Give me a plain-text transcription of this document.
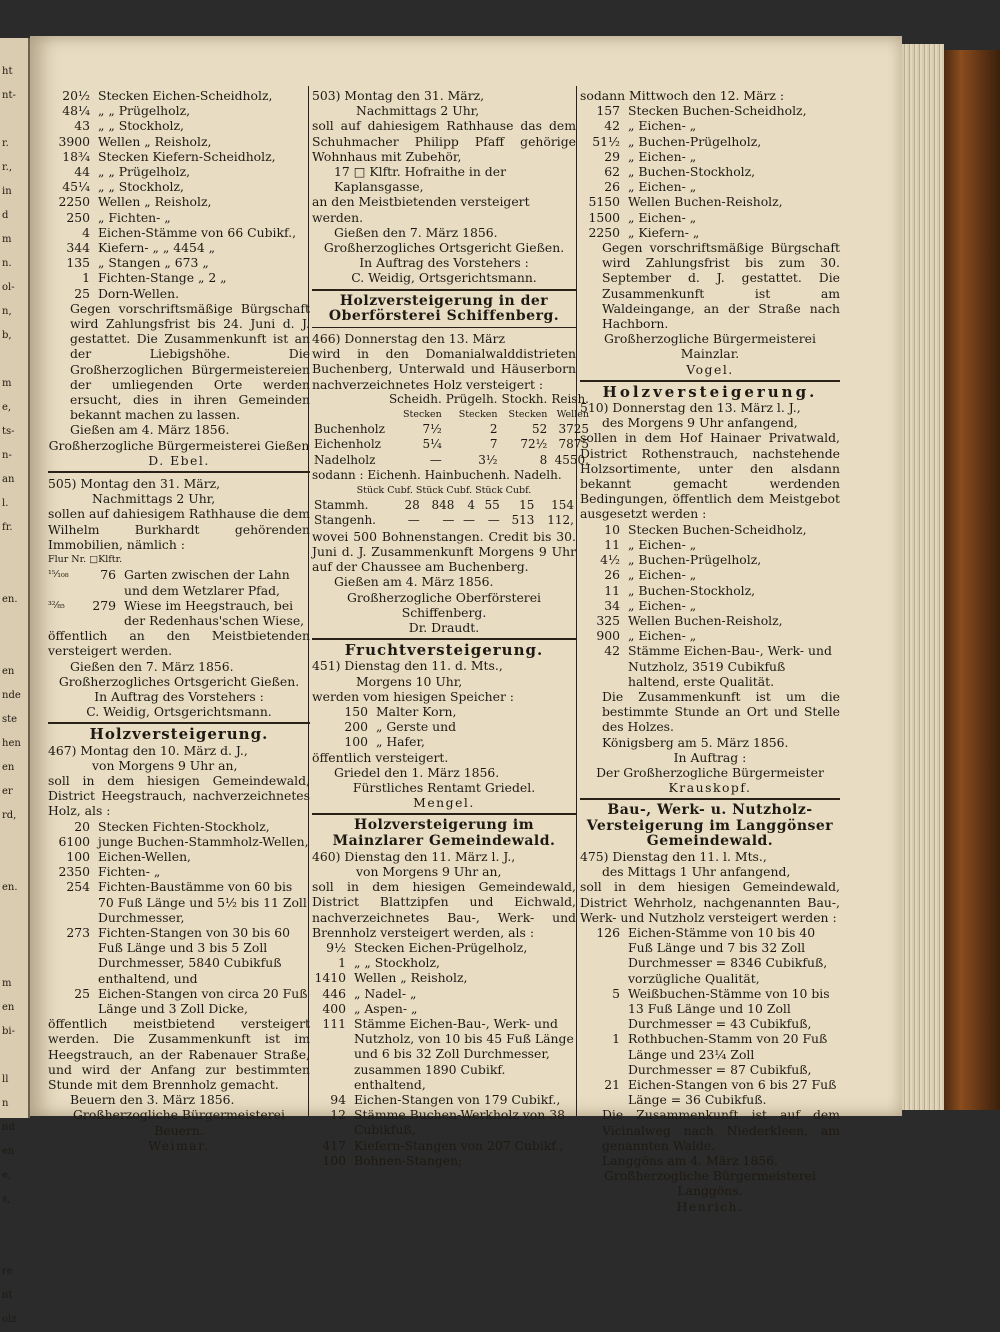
ht
nt-

r.
r.,
in
d
m
n.
ol-
n,
b,

m
e,
ts-
n-
an
l.
fr.

en.

en
nde
ste
hen
en
er
rd,

en.

m
en
bi-

ll
n
nd
en
e,
s,

re
nt
olz
20½ Stecken Eichen-Scheidholz,
48¼ „ „ Prügelholz,
43 „ „ Stockholz,
3900 Wellen „ Reisholz,
18¾ Stecken Kiefern-Scheidholz,
44 „ „ Prügelholz,
45¼ „ „ Stockholz,
2250 Wellen „ Reisholz,
250 „ Fichten- „
4 Eichen-Stämme von 66 Cubikf.,
344 Kiefern- „ „ 4454 „
135 „ Stangen „ 673 „
1 Fichten-Stange „ 2 „
25 Dorn-Wellen.

Gegen vorschriftsmäßige Bürgschaft wird Zahlungsfrist bis 24. Juni d. J. gestattet. Die Zusammenkunft ist an der Liebigshöhe. Die Großherzoglichen Bürgermeistereien der umliegenden Orte werden ersucht, dies in ihren Gemeinden bekannt machen zu lassen.

Gießen am 4. März 1856.

Großherzogliche Bürgermeisterei Gießen

D. Ebel.

505) Montag den 31. März,

Nachmittags 2 Uhr,

sollen auf dahiesigem Rathhause die dem Wilhelm Burkhardt gehörenden Immobilien, nämlich :

Flur Nr. □Klftr.

¹⁵⁄₁₀₈	76 Garten zwischen der Lahn und dem Wetzlarer Pfad,
³²⁄₈₅	279 Wiese im Heegstrauch, bei der Redenhaus'schen Wiese,

öffentlich an den Meistbietenden versteigert werden.

Gießen den 7. März 1856.

Großherzogliches Ortsgericht Gießen.

In Auftrag des Vorstehers :

C. Weidig, Ortsgerichtsmann.

Holzversteigerung.

467) Montag den 10. März d. J.,

von Morgens 9 Uhr an,

soll in dem hiesigen Gemeindewald, District Heegstrauch, nachverzeichnetes Holz, als :

20 Stecken Fichten-Stockholz,
6100 junge Buchen-Stammholz-Wellen,
100 Eichen-Wellen,
2350 Fichten- „
254 Fichten-Baustämme von 60 bis 70 Fuß Länge und 5½ bis 11 Zoll Durchmesser,
273 Fichten-Stangen von 30 bis 60 Fuß Länge und 3 bis 5 Zoll Durchmesser, 5840 Cubikfuß enthaltend, und
25 Eichen-Stangen von circa 20 Fuß Länge und 3 Zoll Dicke,

öffentlich meistbietend versteigert werden. Die Zusammenkunft ist im Heegstrauch, an der Rabenauer Straße, und wird der Anfang zur bestimmten Stunde mit dem Brennholz gemacht.

Beuern den 3. März 1856.

Großherzogliche Bürgermeisterei Beuern.

Weimar.

503) Montag den 31. März,

Nachmittags 2 Uhr,

soll auf dahiesigem Rathhause das dem Schuhmacher Philipp Pfaff gehörige Wohnhaus mit Zubehör,

17 □ Klftr. Hofraithe in der Kaplansgasse,

an den Meistbietenden versteigert werden.

Gießen den 7. März 1856.

Großherzogliches Ortsgericht Gießen.

In Auftrag des Vorstehers :

C. Weidig, Ortsgerichtsmann.

Holzversteigerung in der Oberförsterei Schiffenberg.

466) Donnerstag den 13. März

wird in den Domanialwalddistrieten Buchenberg, Unterwald und Häuserborn nachverzeichnetes Holz versteigert :

	Scheidh.	Prügelh.	Stockh.	Reish.
	Stecken	Stecken	Stecken	Wellen
Buchenholz	7½	2	52	3725
Eichenholz	5¼	7	72½	7875
Nadelholz	—	3½	8	4550,

sodann : Eichenh. Hainbuchenh. Nadelh.

Stück Cubf. Stück Cubf. Stück Cubf.

Stammh.	28	848	4	55	15	154
Stangenh.	—	—	—	—	513	112,

wovei 500 Bohnenstangen. Credit bis 30. Juni d. J. Zusammenkunft Morgens 9 Uhr auf der Chaussee am Buchenberg.

Gießen am 4. März 1856.

Großherzogliche Oberförsterei Schiffenberg.

Dr. Draudt.

Fruchtversteigerung.

451) Dienstag den 11. d. Mts.,

Morgens 10 Uhr,

werden vom hiesigen Speicher :

150 Malter Korn,
200 „ Gerste und
100 „ Hafer,

öffentlich versteigert.

Griedel den 1. März 1856.

Fürstliches Rentamt Griedel.

Mengel.

Holzversteigerung im Mainzlarer Gemeindewald.

460) Dienstag den 11. März l. J.,

von Morgens 9 Uhr an,

soll in dem hiesigen Gemeindewald, District Blattzipfen und Eichwald, nachverzeichnetes Bau-, Werk- und Brennholz versteigert werden, als :

9½ Stecken Eichen-Prügelholz,
1 „ „ Stockholz,
1410 Wellen „ Reisholz,
446 „ Nadel- „
400 „ Aspen- „
111 Stämme Eichen-Bau-, Werk- und Nutzholz, von 10 bis 45 Fuß Länge und 6 bis 32 Zoll Durchmesser, zusammen 1890 Cubikf. enthaltend,
94 Eichen-Stangen von 179 Cubikf.,
12 Stämme Buchen-Werkholz von 38 Cubikfuß,
417 Kiefern-Stangen von 207 Cubikf.,
100 Bohnen-Stangen;

sodann Mittwoch den 12. März :

157 Stecken Buchen-Scheidholz,
42 „ Eichen- „
51½ „ Buchen-Prügelholz,
29 „ Eichen- „
62 „ Buchen-Stockholz,
26 „ Eichen- „
5150 Wellen Buchen-Reisholz,
1500 „ Eichen- „
2250 „ Kiefern- „

Gegen vorschriftsmäßige Bürgschaft wird Zahlungsfrist bis zum 30. September d. J. gestattet. Die Zusammenkunft ist am Waldeingange, an der Straße nach Hachborn.

Großherzogliche Bürgermeisterei Mainzlar.

Vogel.

Holzversteigerung.

510) Donnerstag den 13. März l. J.,

des Morgens 9 Uhr anfangend,

sollen in dem Hof Hainaer Privatwald, District Rothenstrauch, nachstehende Holzsortimente, unter den alsdann bekannt gemacht werdenden Bedingungen, öffentlich dem Meistgebot ausgesetzt werden :

10 Stecken Buchen-Scheidholz,
11 „ Eichen- „
4½ „ Buchen-Prügelholz,
26 „ Eichen- „
11 „ Buchen-Stockholz,
34 „ Eichen- „
325 Wellen Buchen-Reisholz,
900 „ Eichen- „
42 Stämme Eichen-Bau-, Werk- und Nutzholz, 3519 Cubikfuß haltend, erste Qualität.

Die Zusammenkunft ist um die bestimmte Stunde an Ort und Stelle des Holzes.

Königsberg am 5. März 1856.

In Auftrag :

Der Großherzogliche Bürgermeister

Krauskopf.

Bau-, Werk- u. Nutzholz-Versteigerung im Langgönser Gemeindewald.

475) Dienstag den 11. l. Mts.,

des Mittags 1 Uhr anfangend,

soll in dem hiesigen Gemeindewald, District Wehrholz, nachgenannten Bau-, Werk- und Nutzholz versteigert werden :

126 Eichen-Stämme von 10 bis 40 Fuß Länge und 7 bis 32 Zoll Durchmesser = 8346 Cubikfuß, vorzügliche Qualität,
5 Weißbuchen-Stämme von 10 bis 13 Fuß Länge und 10 Zoll Durchmesser = 43 Cubikfuß,
1 Rothbuchen-Stamm von 20 Fuß Länge und 23¼ Zoll Durchmesser = 87 Cubikfuß,
21 Eichen-Stangen von 6 bis 27 Fuß Länge = 36 Cubikfuß.

Die Zusammenkunft ist auf dem Vicinalweg nach Niederkleen, am genannten Walde.

Langgöns am 4. März 1856.

Großherzogliche Bürgermeisterei Langgöns.

Henrich.
